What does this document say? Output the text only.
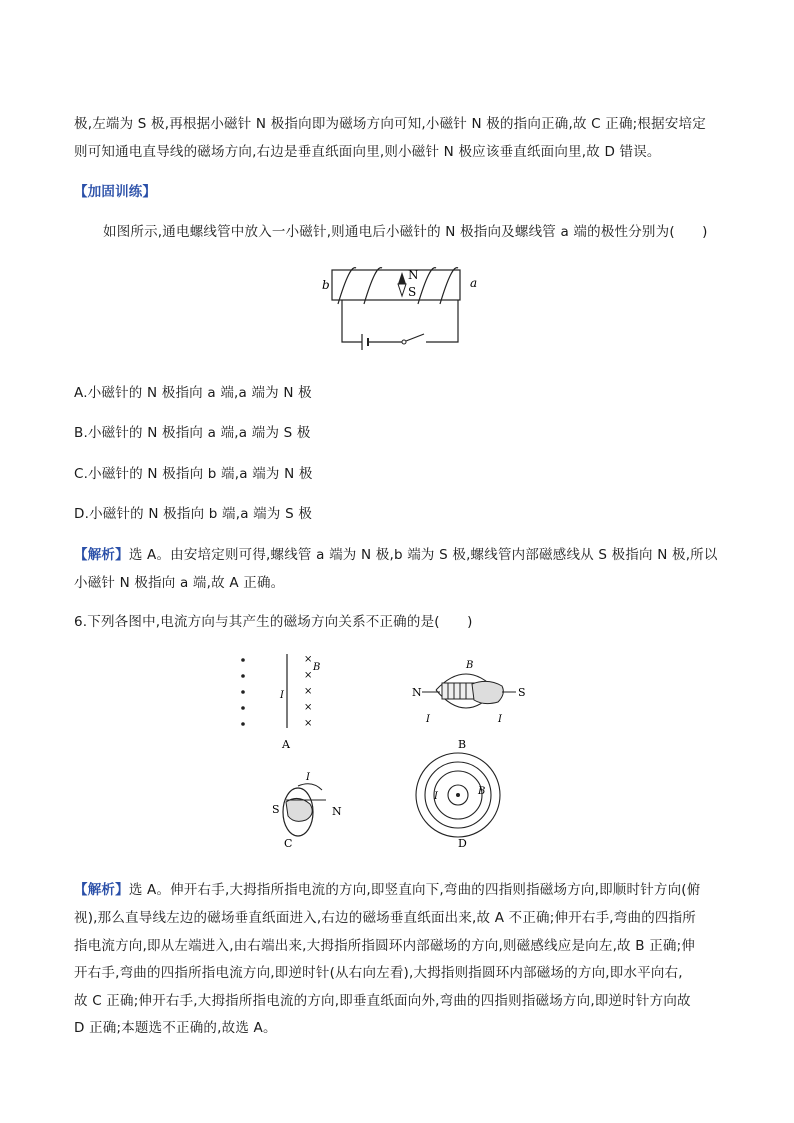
极,左端为 S 极,再根据小磁针 N 极指向即为磁场方向可知,小磁针 N 极的指向正确,故 C 正确;根据安培定
则可知通电直导线的磁场方向,右边是垂直纸面向里,则小磁针 N 极应该垂直纸面向里,故 D 错误。
【加固训练】
如图所示,通电螺线管中放入一小磁针,则通电后小磁针的 N 极指向及螺线管 a 端的极性分别为(　　)
N
S
b	a
A.小磁针的 N 极指向 a 端,a 端为 N 极
B.小磁针的 N 极指向 a 端,a 端为 S 极
C.小磁针的 N 极指向 b 端,a 端为 N 极
D.小磁针的 N 极指向 b 端,a 端为 S 极
【解析】选 A。由安培定则可得,螺线管 a 端为 N 极,b 端为 S 极,螺线管内部磁感线从 S 极指向 N 极,所以
小磁针 N 极指向 a 端,故 A 正确。
6.下列各图中,电流方向与其产生的磁场方向关系不正确的是(　　)
×
×
×
×
×
B
I
A
N	S
B
I	I
B
I
S	N
C
I	B
D
【解析】选 A。伸开右手,大拇指所指电流的方向,即竖直向下,弯曲的四指则指磁场方向,即顺时针方向(俯
视),那么直导线左边的磁场垂直纸面进入,右边的磁场垂直纸面出来,故 A 不正确;伸开右手,弯曲的四指所
指电流方向,即从左端进入,由右端出来,大拇指所指圆环内部磁场的方向,则磁感线应是向左,故 B 正确;伸
开右手,弯曲的四指所指电流方向,即逆时针(从右向左看),大拇指则指圆环内部磁场的方向,即水平向右,
故 C 正确;伸开右手,大拇指所指电流的方向,即垂直纸面向外,弯曲的四指则指磁场方向,即逆时针方向故
D 正确;本题选不正确的,故选 A。
